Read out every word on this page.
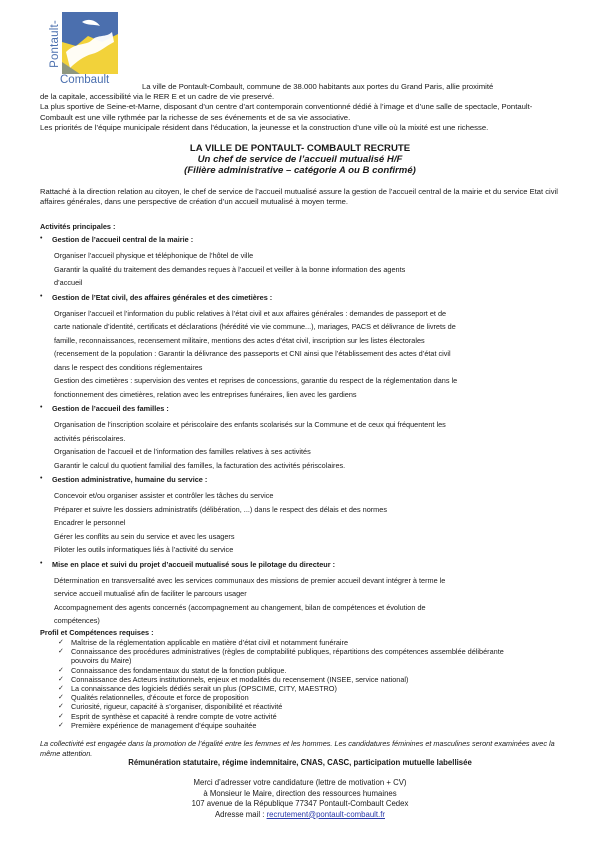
Pontault-
Combault

La ville de Pontault-Combault, commune de 38.000 habitants aux portes du Grand Paris, allie proximité

de la capitale, accessibilité via le RER E et un cadre de vie preservé.

La plus sportive de Seine-et-Marne, disposant d’un centre d’art contemporain conventionné dédié à l’image et d’une salle de spectacle, Pontault-Combault est une ville rythmée par la richesse de ses événements et de sa vie associative.

Les priorités de l’équipe municipale résident dans l’éducation, la jeunesse et la construction d’une ville où la mixité est une richesse.

LA VILLE DE PONTAULT- COMBAULT RECRUTE
Un chef de service de l’accueil mutualisé H/F
(Filière administrative – catégorie A ou B confirmé)
Rattaché à la direction relation au citoyen, le chef de service de l’accueil mutualisé assure la gestion de l’accueil central de la mairie et du service Etat civil affaires générales, dans une perspective de création d’un accueil mutualisé à moyen terme.
Activités principales :
•	Gestion de l’accueil central de la mairie :
Organiser l’accueil physique et téléphonique de l’hôtel de ville
Garantir la qualité du traitement des demandes reçues à l’accueil et veiller à la bonne information des agents
d’accueil
•	Gestion de l’Etat civil, des affaires générales et des cimetières :
Organiser l’accueil et l’information du public relatives à l’état civil et aux affaires générales : demandes de passeport et de
carte nationale d’identité, certificats et déclarations (hérédité vie vie commune...), mariages, PACS et délivrance de livrets de
famille, reconnaissances, recensement militaire, mentions des actes d’état civil, inscription sur les listes électorales
(recensement de la population : Garantir la délivrance des passeports et CNI ainsi que l’établissement des actes d’état civil
dans le respect des conditions réglementaires
Gestion des cimetières : supervision des ventes et reprises de concessions, garantie du respect de la réglementation dans le
fonctionnement des cimetières, relation avec les entreprises funéraires, lien avec les gardiens
•	Gestion de l’accueil des familles :
Organisation de l’inscription scolaire et périscolaire des enfants scolarisés sur la Commune et de ceux qui fréquentent les
activités périscolaires.
Organisation de l’accueil et de l’information des familles relatives à ses activités
Garantir le calcul du quotient familial des familles, la facturation des activités périscolaires.
•	Gestion administrative, humaine du service :
Concevoir et/ou organiser assister et contrôler les tâches du service
Préparer et suivre les dossiers administratifs (délibération, ...) dans le respect des délais et des normes
Encadrer le personnel
Gérer les conflits au sein du service et avec les usagers
Piloter les outils informatiques liés à l’activité du service
•	Mise en place et suivi du projet d’accueil mutualisé sous le pilotage du directeur :
Détermination en transversalité avec les services communaux des missions de premier accueil devant intégrer à terme le
service accueil mutualisé afin de faciliter le parcours usager
Accompagnement des agents concernés (accompagnement au changement, bilan de compétences et évolution de
compétences)
Profil et Compétences requises :
✓ Maîtrise de la réglementation applicable en matière d’état civil et notamment funéraire
✓ Connaissance des procédures administratives (règles de comptabilité publiques, répartitions des compétences assemblée délibérante
pouvoirs du Maire)
✓ Connaissance des fondamentaux du statut de la fonction publique.
✓ Connaissance des Acteurs institutionnels, enjeux et modalités du recensement (INSEE, service national)
✓ La connaissance des logiciels dédiés serait un plus (OPSCIME, CITY, MAESTRO)
✓ Qualités relationnelles, d’écoute et force de proposition
✓ Curiosité, rigueur, capacité à s’organiser, disponibilité et réactivité
✓ Esprit de synthèse et capacité à rendre compte de votre activité
✓ Première expérience de management d’équipe souhaitée
La collectivité est engagée dans la promotion de l’égalité entre les femmes et les hommes. Les candidatures féminines et masculines seront examinées avec la même attention.
Rémunération statutaire, régime indemnitaire, CNAS, CASC, participation mutuelle labellisée
Merci d’adresser votre candidature (lettre de motivation + CV)
à Monsieur le Maire, direction des ressources humaines
107 avenue de la République 77347 Pontault-Combault Cedex
Adresse mail : recrutement@pontault-combault.fr
